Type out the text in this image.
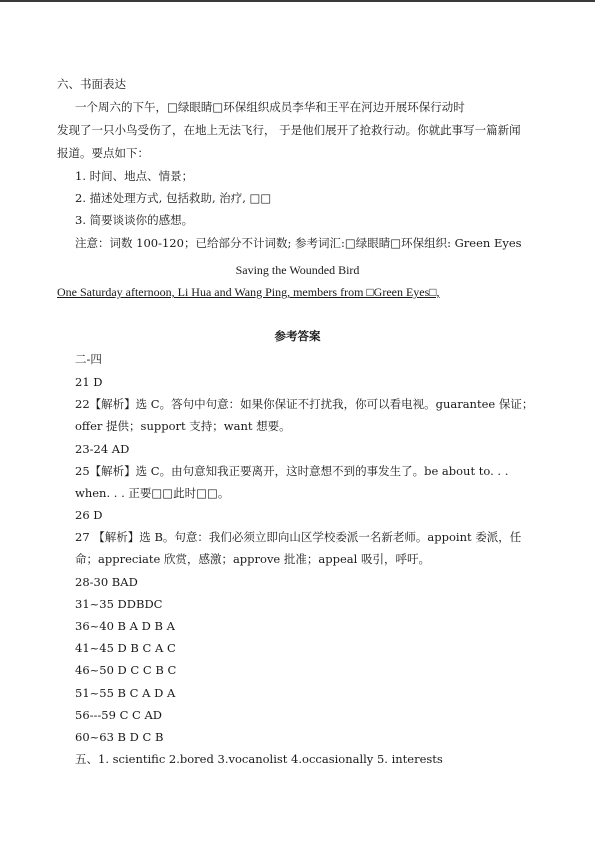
六、书面表达
一个周六的下午，□绿眼睛□环保组织成员李华和王平在河边开展环保行动时
发现了一只小鸟受伤了，在地上无法飞行， 于是他们展开了抢救行动。你就此事写一篇新闻
报道。要点如下：
1. 时间、地点、情景；
2. 描述处理方式, 包括救助, 治疗, □□
3. 简要谈谈你的感想。
注意：词数 100-120；已给部分不计词数; 参考词汇:□绿眼睛□环保组织: Green Eyes
Saving the Wounded Bird
One Saturday afternoon, Li Hua and Wang Ping, members from □Green Eyes□,
参考答案
二-四
21 D
22【解析】选 C。答句中句意：如果你保证不打扰我，你可以看电视。guarantee 保证；
offer 提供；support 支持；want 想要。
23-24 AD
25【解析】选 C。由句意知我正要离开，这时意想不到的事发生了。be about to. . .
when. . . 正要□□此时□□。
26 D
27 【解析】选 B。句意：我们必须立即向山区学校委派一名新老师。appoint 委派，任
命；appreciate 欣赏，感激；approve 批准；appeal 吸引，呼吁。
28-30 BAD
31~35 DDBDC
36~40 B A D B A
41~45 D B C A C
46~50 D C C B C
51~55 B C A D A
56---59 C C AD
60~63 B D C B
五、1. scientific 2.bored 3.vocanolist 4.occasionally 5. interests
